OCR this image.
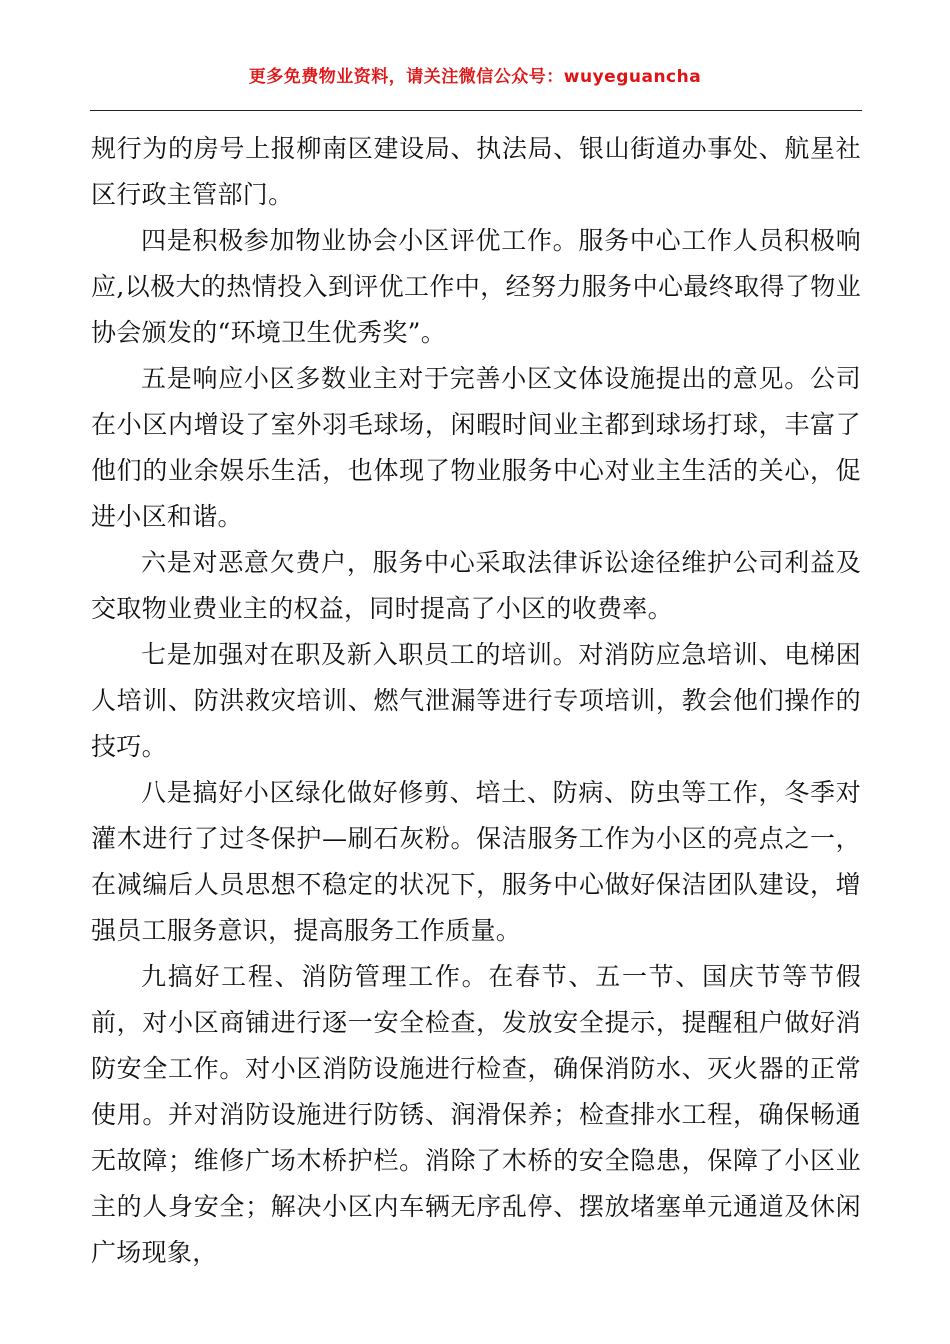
更多免费物业资料，请关注微信公众号：wuyeguancha

规行为的房号上报柳南区建设局、执法局、银山街道办事处、航星社区行政主管部门。

四是积极参加物业协会小区评优工作。服务中心工作人员积极响应,以极大的热情投入到评优工作中，经努力服务中心最终取得了物业协会颁发的“环境卫生优秀奖”。

五是响应小区多数业主对于完善小区文体设施提出的意见。公司在小区内增设了室外羽毛球场，闲暇时间业主都到球场打球，丰富了他们的业余娱乐生活，也体现了物业服务中心对业主生活的关心，促进小区和谐。

六是对恶意欠费户，服务中心采取法律诉讼途径维护公司利益及交取物业费业主的权益，同时提高了小区的收费率。

七是加强对在职及新入职员工的培训。对消防应急培训、电梯困人培训、防洪救灾培训、燃气泄漏等进行专项培训，教会他们操作的技巧。

八是搞好小区绿化做好修剪、培土、防病、防虫等工作，冬季对灌木进行了过冬保护—刷石灰粉。保洁服务工作为小区的亮点之一，在减编后人员思想不稳定的状况下，服务中心做好保洁团队建设，增强员工服务意识，提高服务工作质量。

九搞好工程、消防管理工作。在春节、五一节、国庆节等节假前，对小区商铺进行逐一安全检查，发放安全提示，提醒租户做好消防安全工作。对小区消防设施进行检查，确保消防水、灭火器的正常使用。并对消防设施进行防锈、润滑保养；检查排水工程，确保畅通无故障；维修广场木桥护栏。消除了木桥的安全隐患，保障了小区业主的人身安全；解决小区内车辆无序乱停、摆放堵塞单元通道及休闲广场现象，
